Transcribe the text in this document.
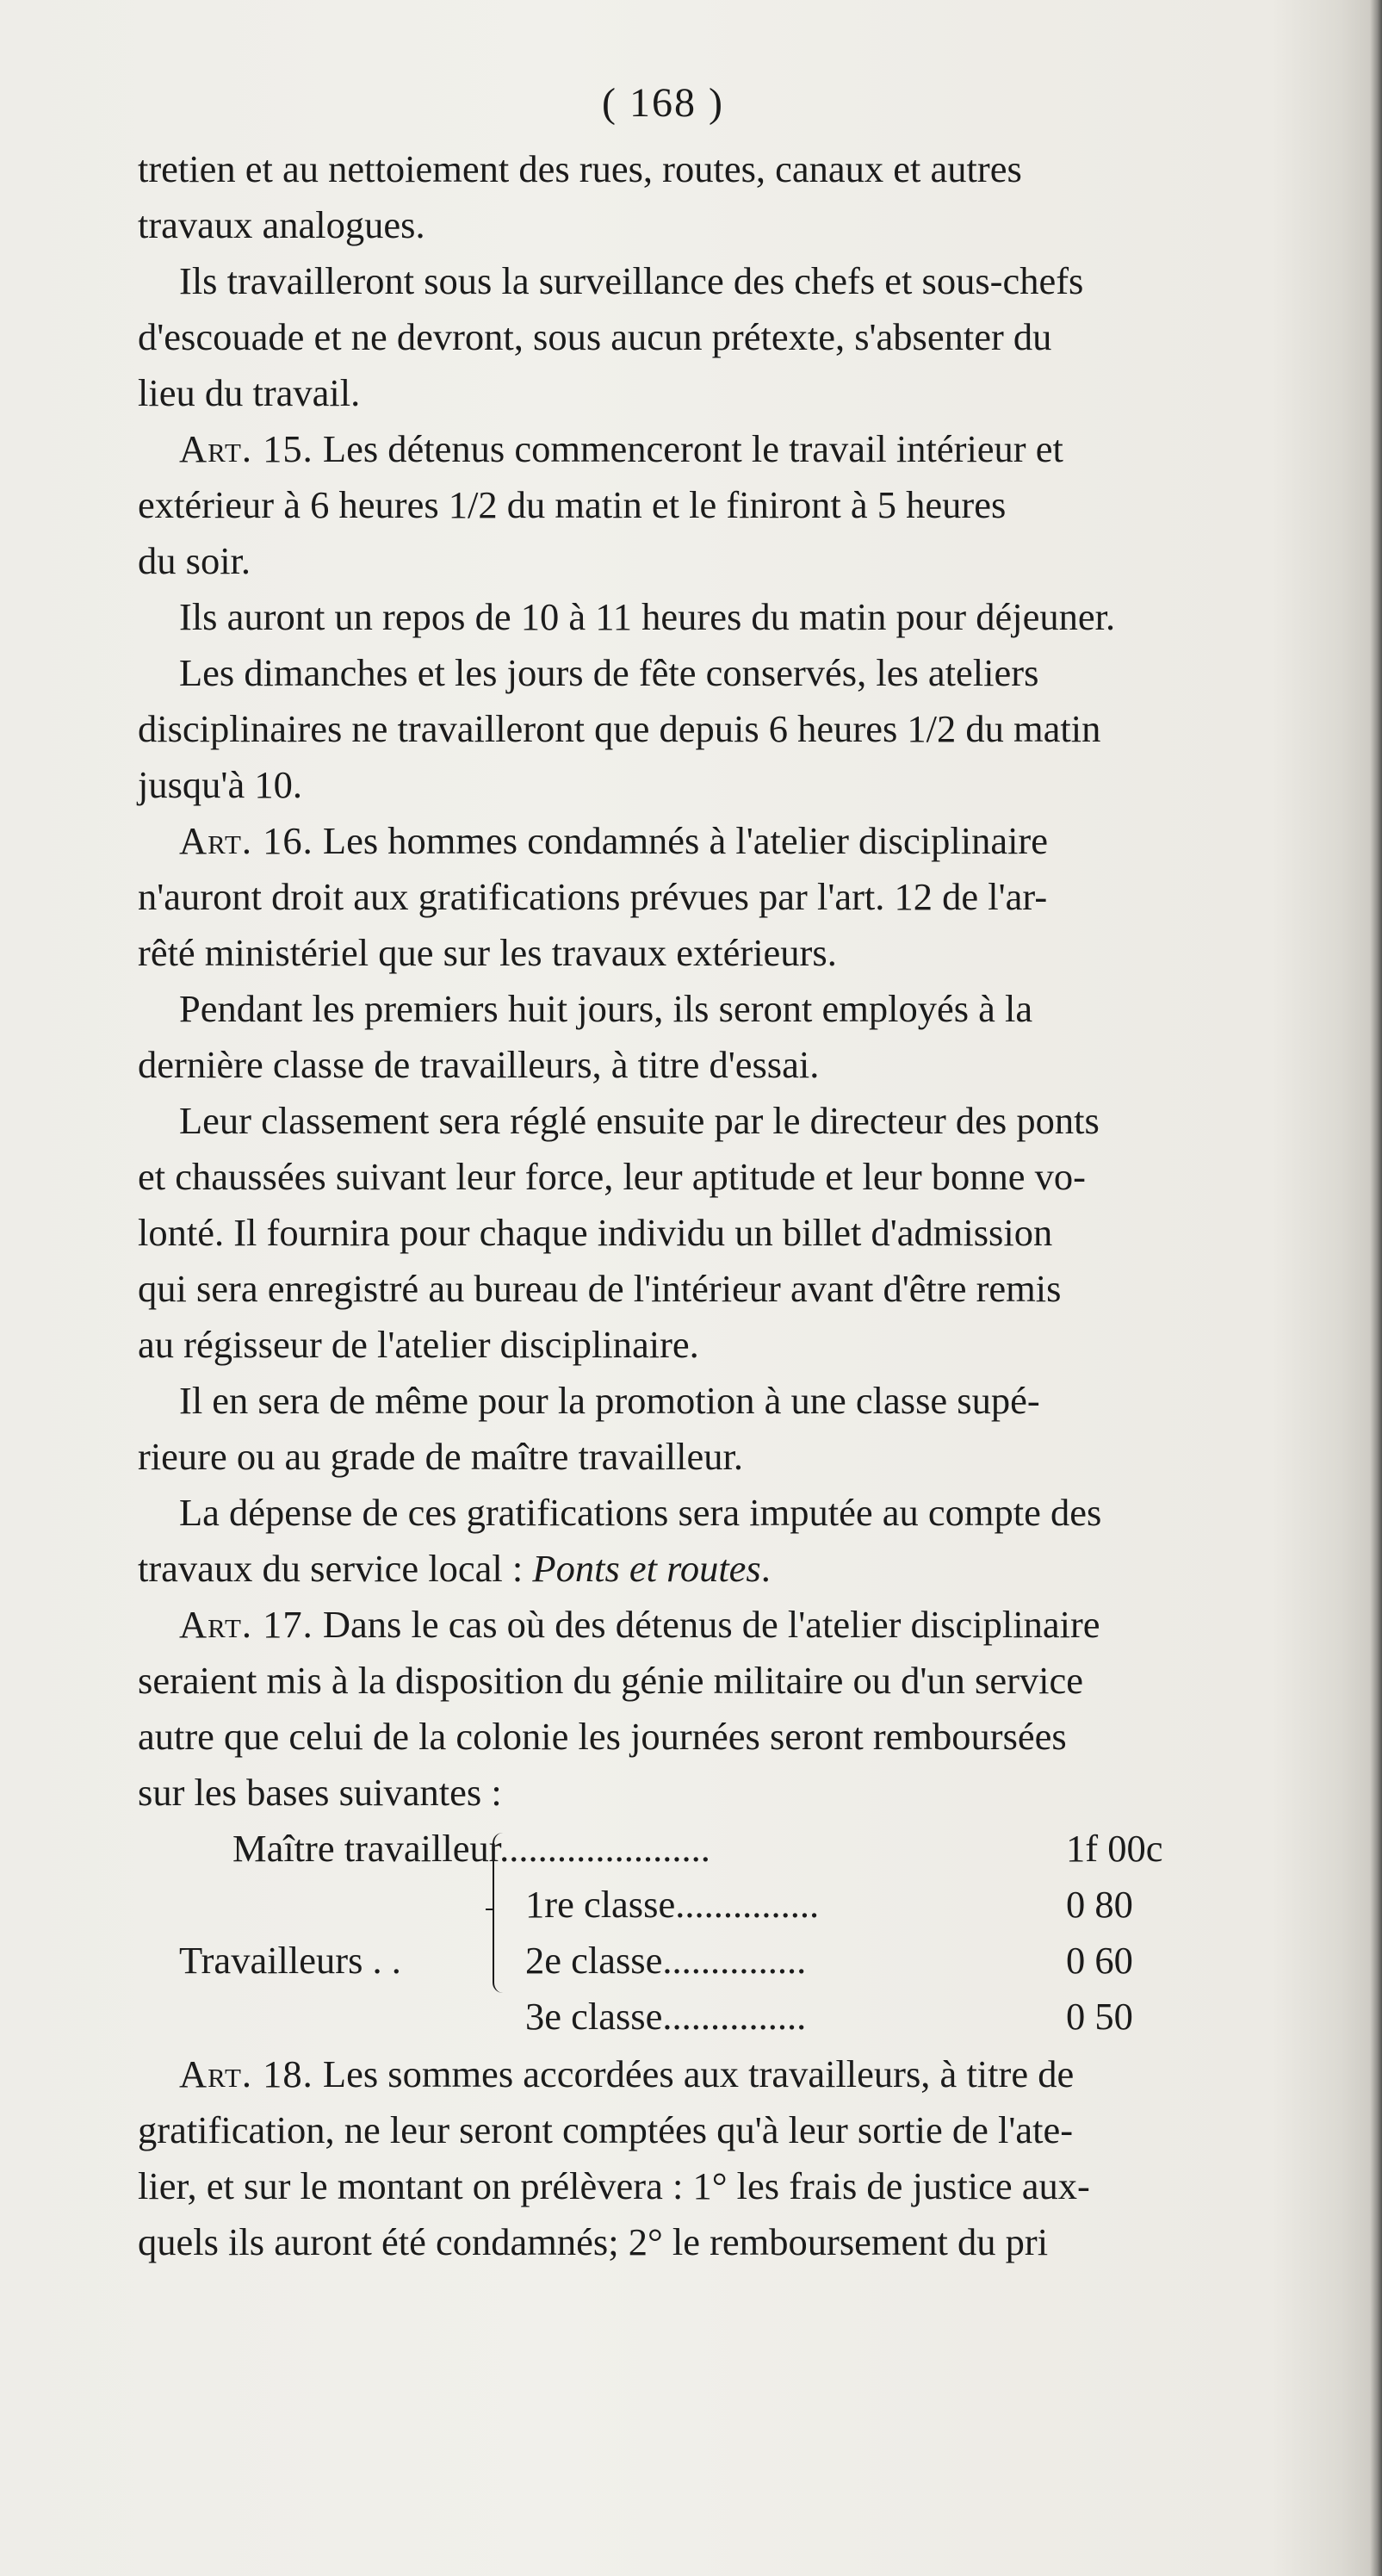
( 168 )
tretien et au nettoiement des rues, routes, canaux et autres
travaux analogues.
Ils travailleront sous la surveillance des chefs et sous-chefs
d'escouade et ne devront, sous aucun prétexte, s'absenter du
lieu du travail.
Art. 15. Les détenus commenceront le travail intérieur et
extérieur à 6 heures 1/2 du matin et le finiront à 5 heures
du soir.
Ils auront un repos de 10 à 11 heures du matin pour déjeuner.
Les dimanches et les jours de fête conservés, les ateliers
disciplinaires ne travailleront que depuis 6 heures 1/2 du matin
jusqu'à 10.
Art. 16. Les hommes condamnés à l'atelier disciplinaire
n'auront droit aux gratifications prévues par l'art. 12 de l'ar-
rêté ministériel que sur les travaux extérieurs.
Pendant les premiers huit jours, ils seront employés à la
dernière classe de travailleurs, à titre d'essai.
Leur classement sera réglé ensuite par le directeur des ponts
et chaussées suivant leur force, leur aptitude et leur bonne vo-
lonté. Il fournira pour chaque individu un billet d'admission
qui sera enregistré au bureau de l'intérieur avant d'être remis
au régisseur de l'atelier disciplinaire.
Il en sera de même pour la promotion à une classe supé-
rieure ou au grade de maître travailleur.
La dépense de ces gratifications sera imputée au compte des
travaux du service local : Ponts et routes.
Art. 17. Dans le cas où des détenus de l'atelier disciplinaire
seraient mis à la disposition du génie militaire ou d'un service
autre que celui de la colonie les journées seront remboursées
sur les bases suivantes :
Maître travailleur......................	1f 00c
Travailleurs . .
1re classe...............	0 80
2e classe...............	0 60
3e classe...............	0 50
Art. 18. Les sommes accordées aux travailleurs, à titre de
gratification, ne leur seront comptées qu'à leur sortie de l'ate-
lier, et sur le montant on prélèvera : 1° les frais de justice aux-
quels ils auront été condamnés; 2° le remboursement du pri
